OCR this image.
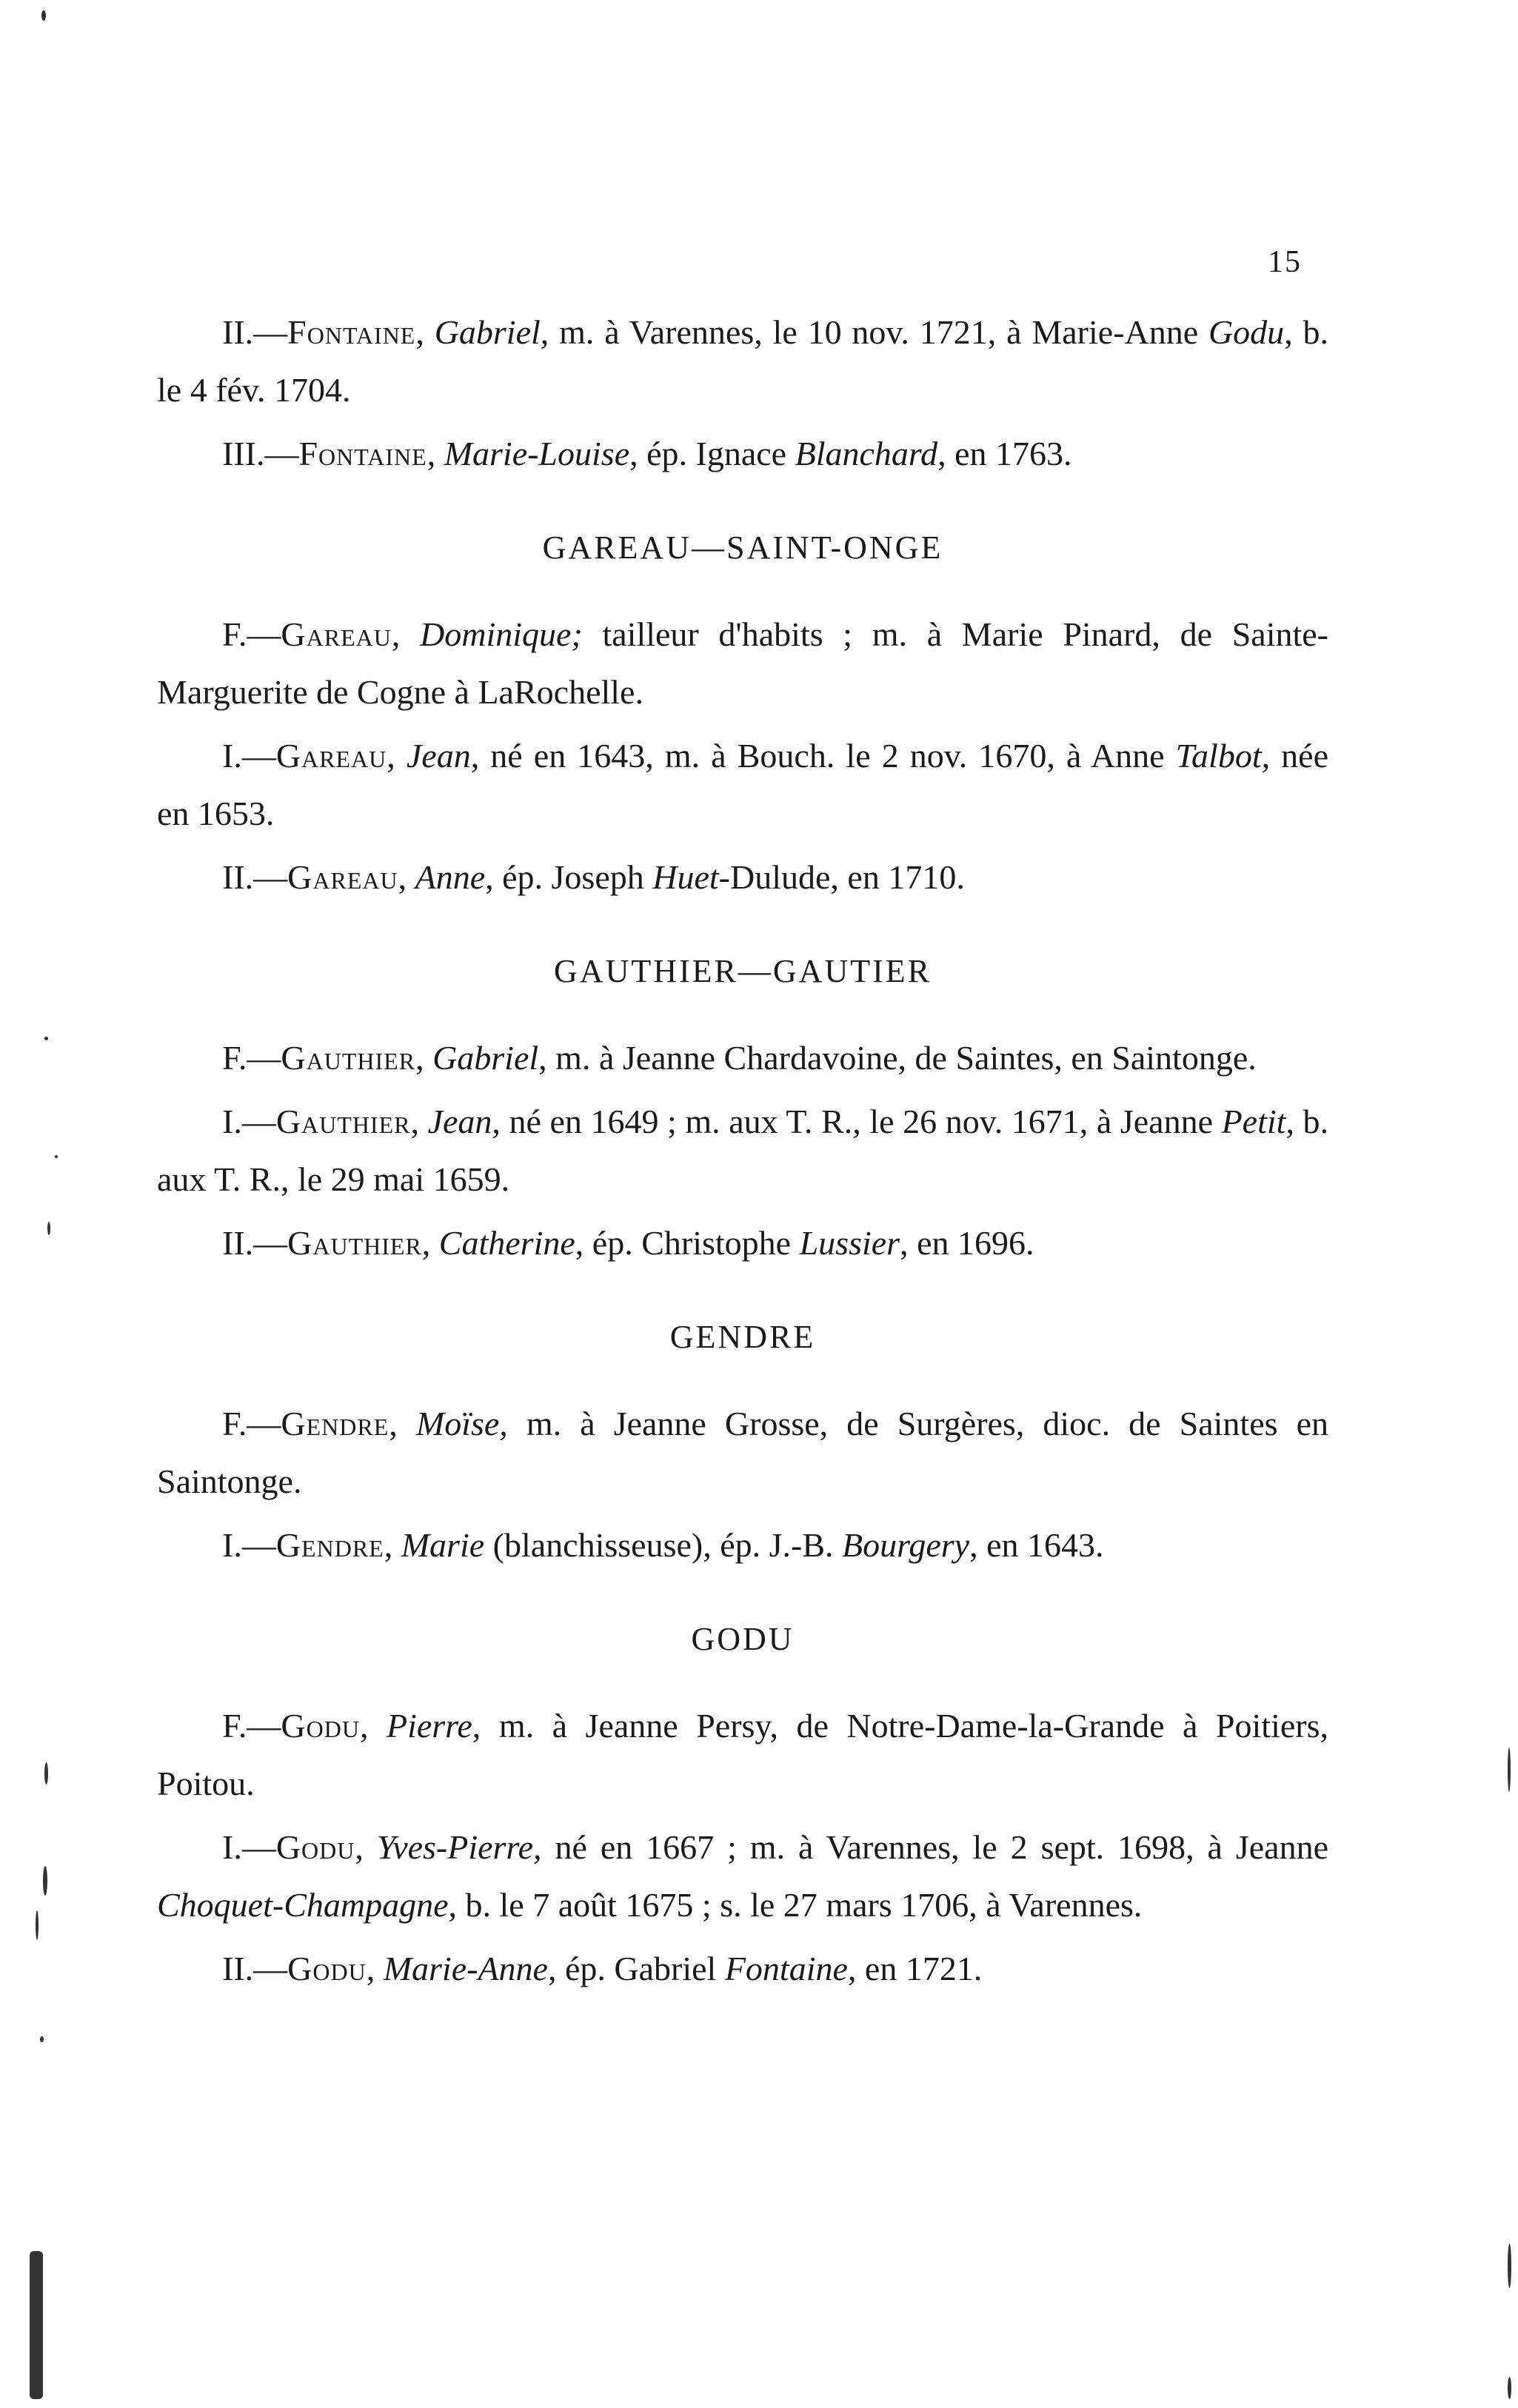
15

II.—Fontaine, Gabriel, m. à Varennes, le 10 nov. 1721, à Marie-Anne Godu, b. le 4 fév. 1704.

III.—Fontaine, Marie-Louise, ép. Ignace Blanchard, en 1763.

GAREAU—SAINT-ONGE

F.—Gareau, Dominique; tailleur d'habits ; m. à Marie Pinard, de Sainte-Marguerite de Cogne à LaRochelle.

I.—Gareau, Jean, né en 1643, m. à Bouch. le 2 nov. 1670, à Anne Talbot, née en 1653.

II.—Gareau, Anne, ép. Joseph Huet-Dulude, en 1710.

GAUTHIER—GAUTIER

F.—Gauthier, Gabriel, m. à Jeanne Chardavoine, de Saintes, en Saintonge.

I.—Gauthier, Jean, né en 1649 ; m. aux T. R., le 26 nov. 1671, à Jeanne Petit, b. aux T. R., le 29 mai 1659.

II.—Gauthier, Catherine, ép. Christophe Lussier, en 1696.

GENDRE

F.—Gendre, Moïse, m. à Jeanne Grosse, de Surgères, dioc. de Saintes en Saintonge.

I.—Gendre, Marie (blanchisseuse), ép. J.-B. Bourgery, en 1643.

GODU

F.—Godu, Pierre, m. à Jeanne Persy, de Notre-Dame-la-Grande à Poitiers, Poitou.

I.—Godu, Yves-Pierre, né en 1667 ; m. à Varennes, le 2 sept. 1698, à Jeanne Choquet-Champagne, b. le 7 août 1675 ; s. le 27 mars 1706, à Varennes.

II.—Godu, Marie-Anne, ép. Gabriel Fontaine, en 1721.
